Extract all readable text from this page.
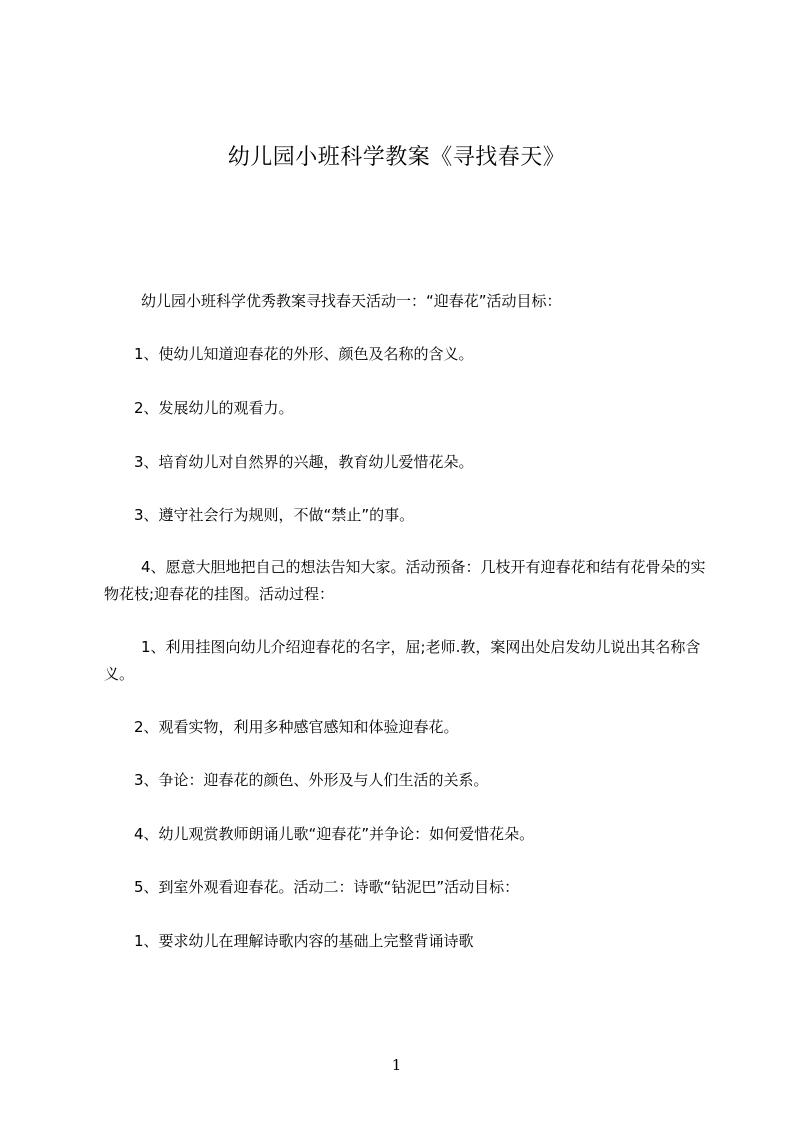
幼儿园小班科学教案《寻找春天》

幼儿园小班科学优秀教案寻找春天活动一：“迎春花”活动目标：

1、使幼儿知道迎春花的外形、颜色及名称的含义。

2、发展幼儿的观看力。

3、培育幼儿对自然界的兴趣，教育幼儿爱惜花朵。

3、遵守社会行为规则，不做“禁止”的事。

4、愿意大胆地把自己的想法告知大家。活动预备：几枝开有迎春花和结有花骨朵的实物花枝;迎春花的挂图。活动过程：

1、利用挂图向幼儿介绍迎春花的名字，屈;老师.教，案网出处启发幼儿说出其名称含义。

2、观看实物，利用多种感官感知和体验迎春花。

3、争论：迎春花的颜色、外形及与人们生活的关系。

4、幼儿观赏教师朗诵儿歌“迎春花”并争论：如何爱惜花朵。

5、到室外观看迎春花。活动二：诗歌“钻泥巴”活动目标：

1、要求幼儿在理解诗歌内容的基础上完整背诵诗歌

1
